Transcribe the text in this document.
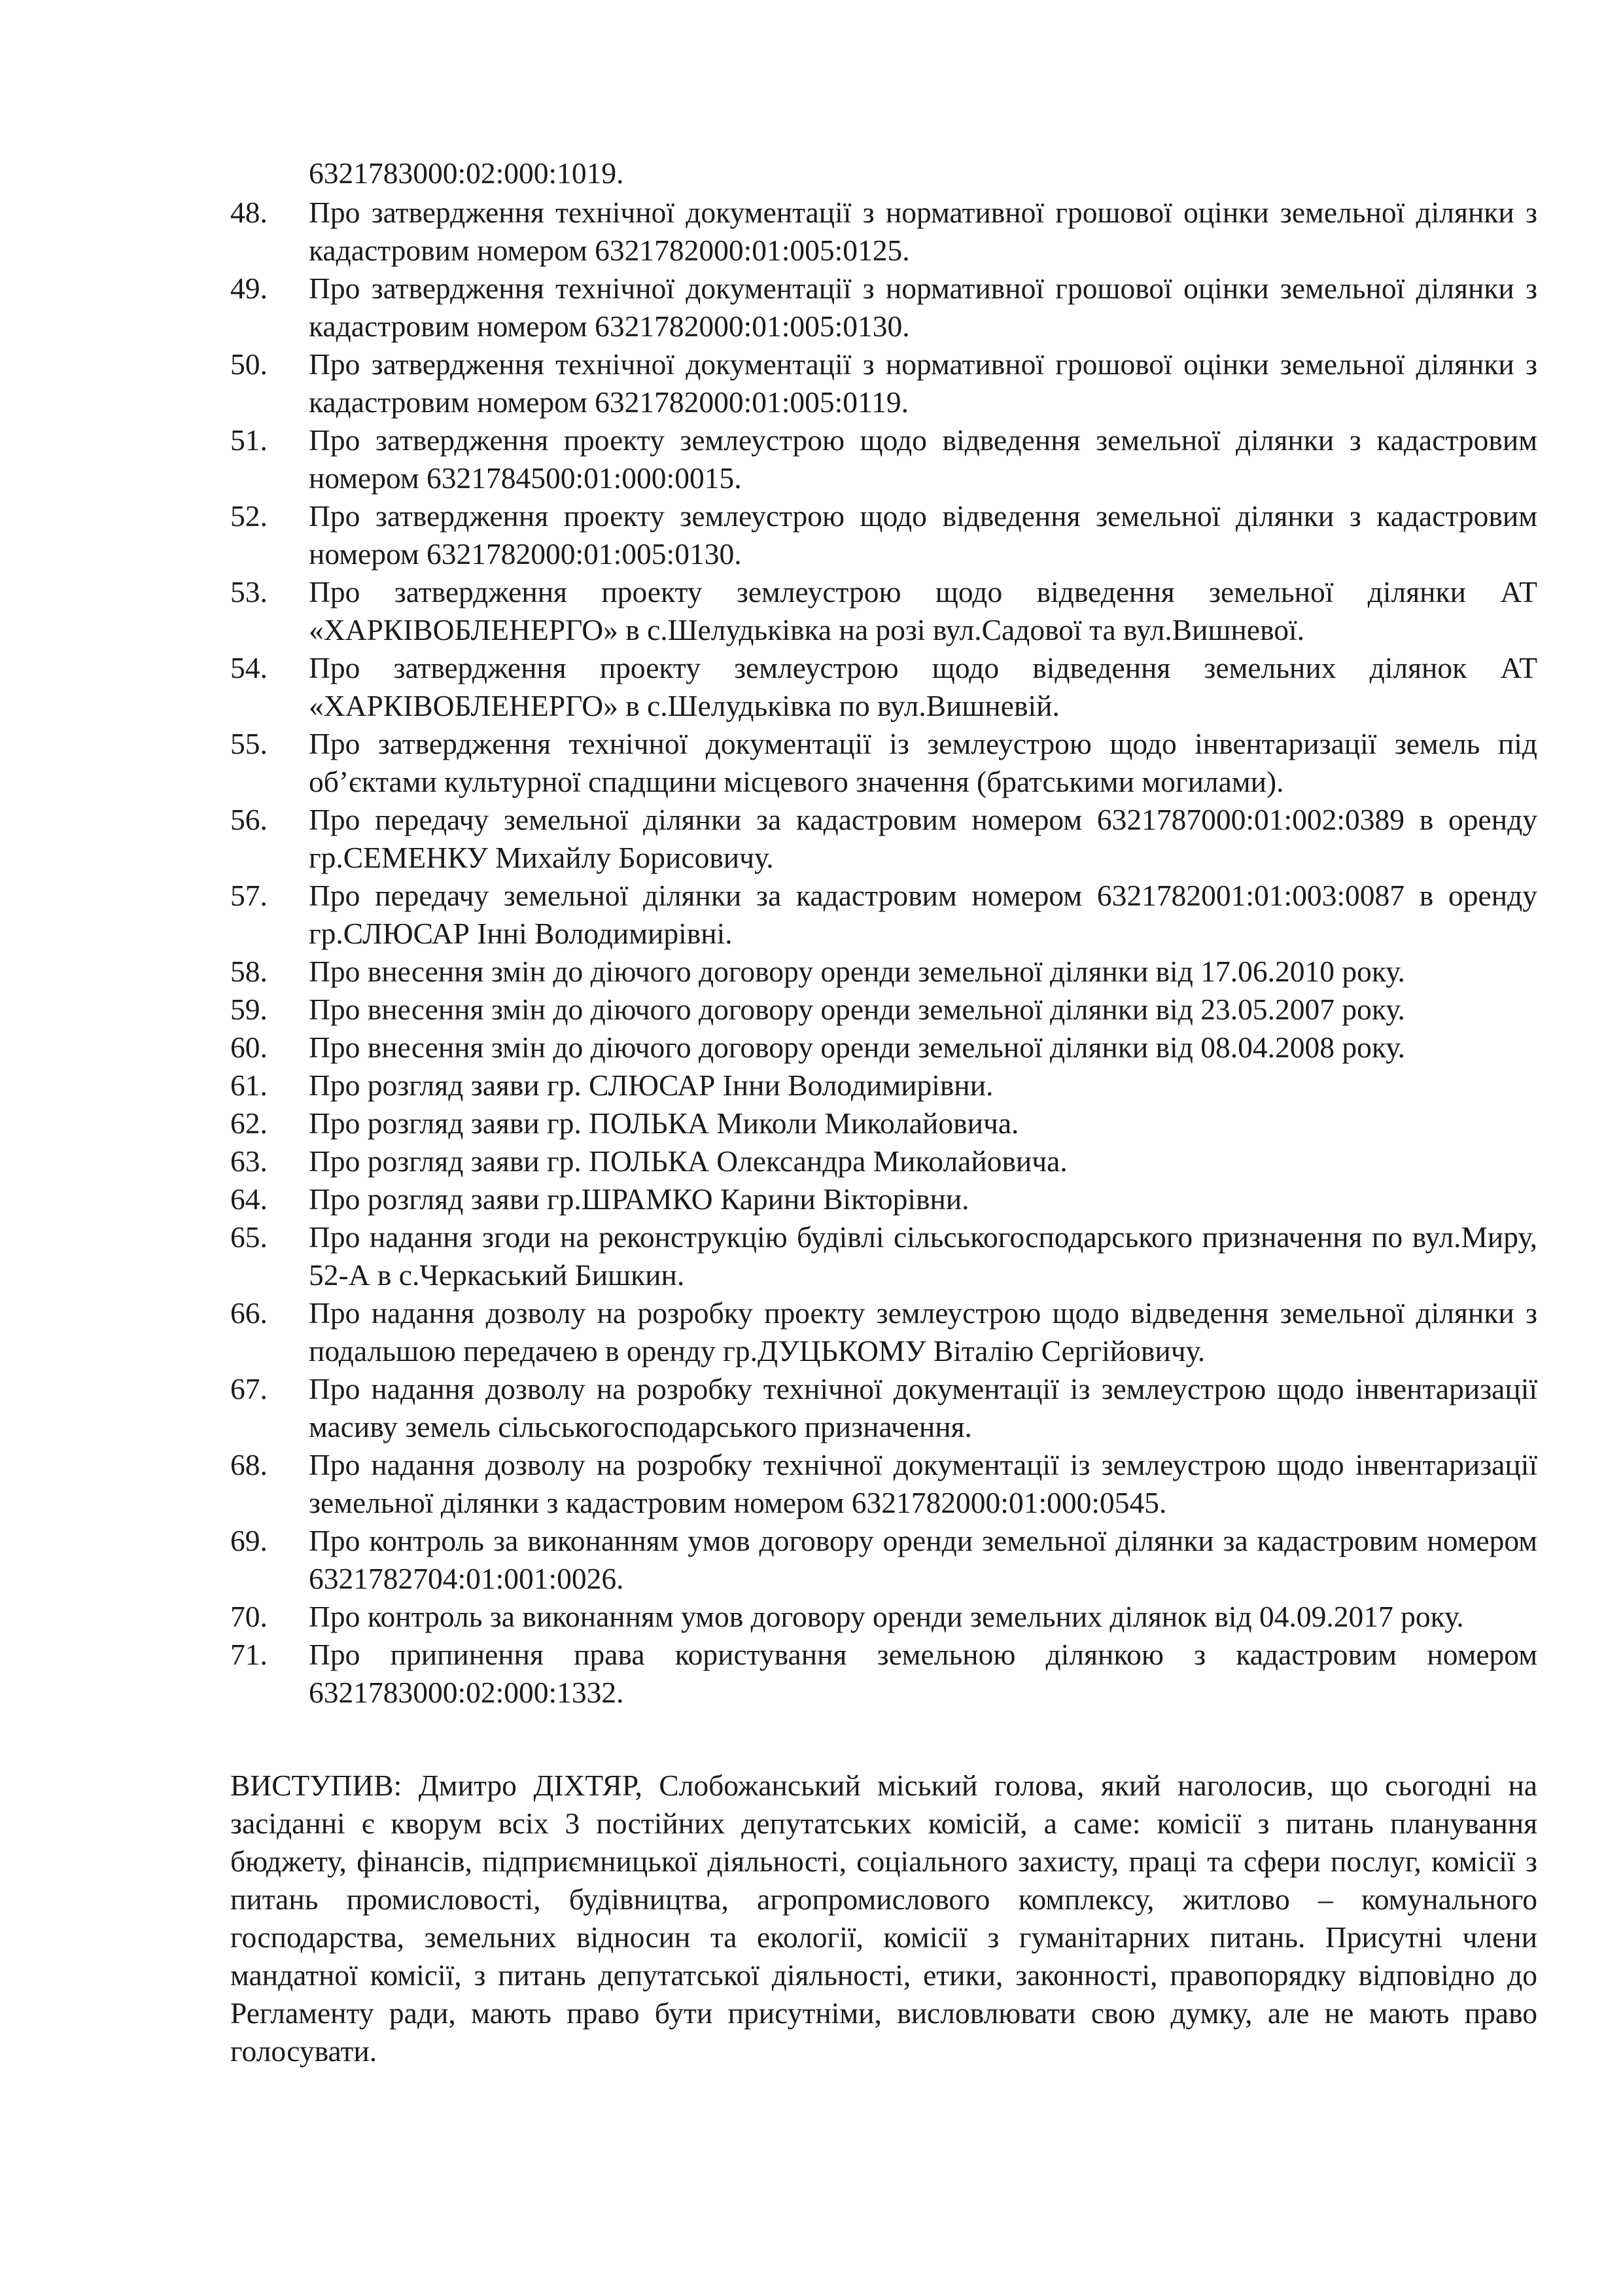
6321783000:02:000:1019.
48.	Про затвердження технічної документації з нормативної грошової оцінки земельної ділянки з кадастровим номером 6321782000:01:005:0125.
49.	Про затвердження технічної документації з нормативної грошової оцінки земельної ділянки з кадастровим номером 6321782000:01:005:0130.
50.	Про затвердження технічної документації з нормативної грошової оцінки земельної ділянки з кадастровим номером 6321782000:01:005:0119.
51.	Про затвердження проекту землеустрою щодо відведення земельної ділянки з кадастровим номером 6321784500:01:000:0015.
52.	Про затвердження проекту землеустрою щодо відведення земельної ділянки з кадастровим номером 6321782000:01:005:0130.
53.	Про затвердження проекту землеустрою щодо відведення земельної ділянки АТ «ХАРКІВОБЛЕНЕРГО» в с.Шелудьківка на розі вул.Садової та вул.Вишневої.
54.	Про затвердження проекту землеустрою щодо відведення земельних ділянок АТ «ХАРКІВОБЛЕНЕРГО» в с.Шелудьківка по вул.Вишневій.
55.	Про затвердження технічної документації із землеустрою щодо інвентаризації земель під об’єктами культурної спадщини місцевого значення (братськими могилами).
56.	Про передачу земельної ділянки за кадастровим номером 6321787000:01:002:0389 в оренду гр.СЕМЕНКУ Михайлу Борисовичу.
57.	Про передачу земельної ділянки за кадастровим номером 6321782001:01:003:0087 в оренду гр.СЛЮСАР Інні Володимирівні.
58.	Про внесення змін до діючого договору оренди земельної ділянки від 17.06.2010 року.
59.	Про внесення змін до діючого договору оренди земельної ділянки від 23.05.2007 року.
60.	Про внесення змін до діючого договору оренди земельної ділянки від 08.04.2008 року.
61.	Про розгляд заяви гр. СЛЮСАР Інни Володимирівни.
62.	Про розгляд заяви гр. ПОЛЬКА Миколи Миколайовича.
63.	Про розгляд заяви гр. ПОЛЬКА Олександра Миколайовича.
64.	Про розгляд заяви гр.ШРАМКО Карини Вікторівни.
65.	Про надання згоди на реконструкцію будівлі сільськогосподарського призначення по вул.Миру, 52-А в с.Черкаський Бишкин.
66.	Про надання дозволу на розробку проекту землеустрою щодо відведення земельної ділянки з подальшою передачею в оренду гр.ДУЦЬКОМУ Віталію Сергійовичу.
67.	Про надання дозволу на розробку технічної документації із землеустрою щодо інвентаризації масиву земель сільськогосподарського призначення.
68.	Про надання дозволу на розробку технічної документації із землеустрою щодо інвентаризації земельної ділянки з кадастровим номером 6321782000:01:000:0545.
69.	Про контроль за виконанням умов договору оренди земельної ділянки за кадастровим номером 6321782704:01:001:0026.
70.	Про контроль за виконанням умов договору оренди земельних ділянок від 04.09.2017 року.
71.	Про припинення права користування земельною ділянкою з кадастровим номером 6321783000:02:000:1332.
ВИСТУПИВ: Дмитро ДІХТЯР, Слобожанський міський голова, який наголосив, що сьогодні на засіданні є кворум всіх 3 постійних депутатських комісій, а саме: комісії з питань планування бюджету, фінансів, підприємницької діяльності, соціального захисту, праці та сфери послуг, комісії з питань промисловості, будівництва, агропромислового комплексу, житлово – комунального господарства, земельних відносин та екології, комісії з гуманітарних питань. Присутні члени мандатної комісії, з питань депутатської діяльності, етики, законності, правопорядку відповідно до Регламенту ради, мають право бути присутніми, висловлювати свою думку, але не мають право голосувати.
